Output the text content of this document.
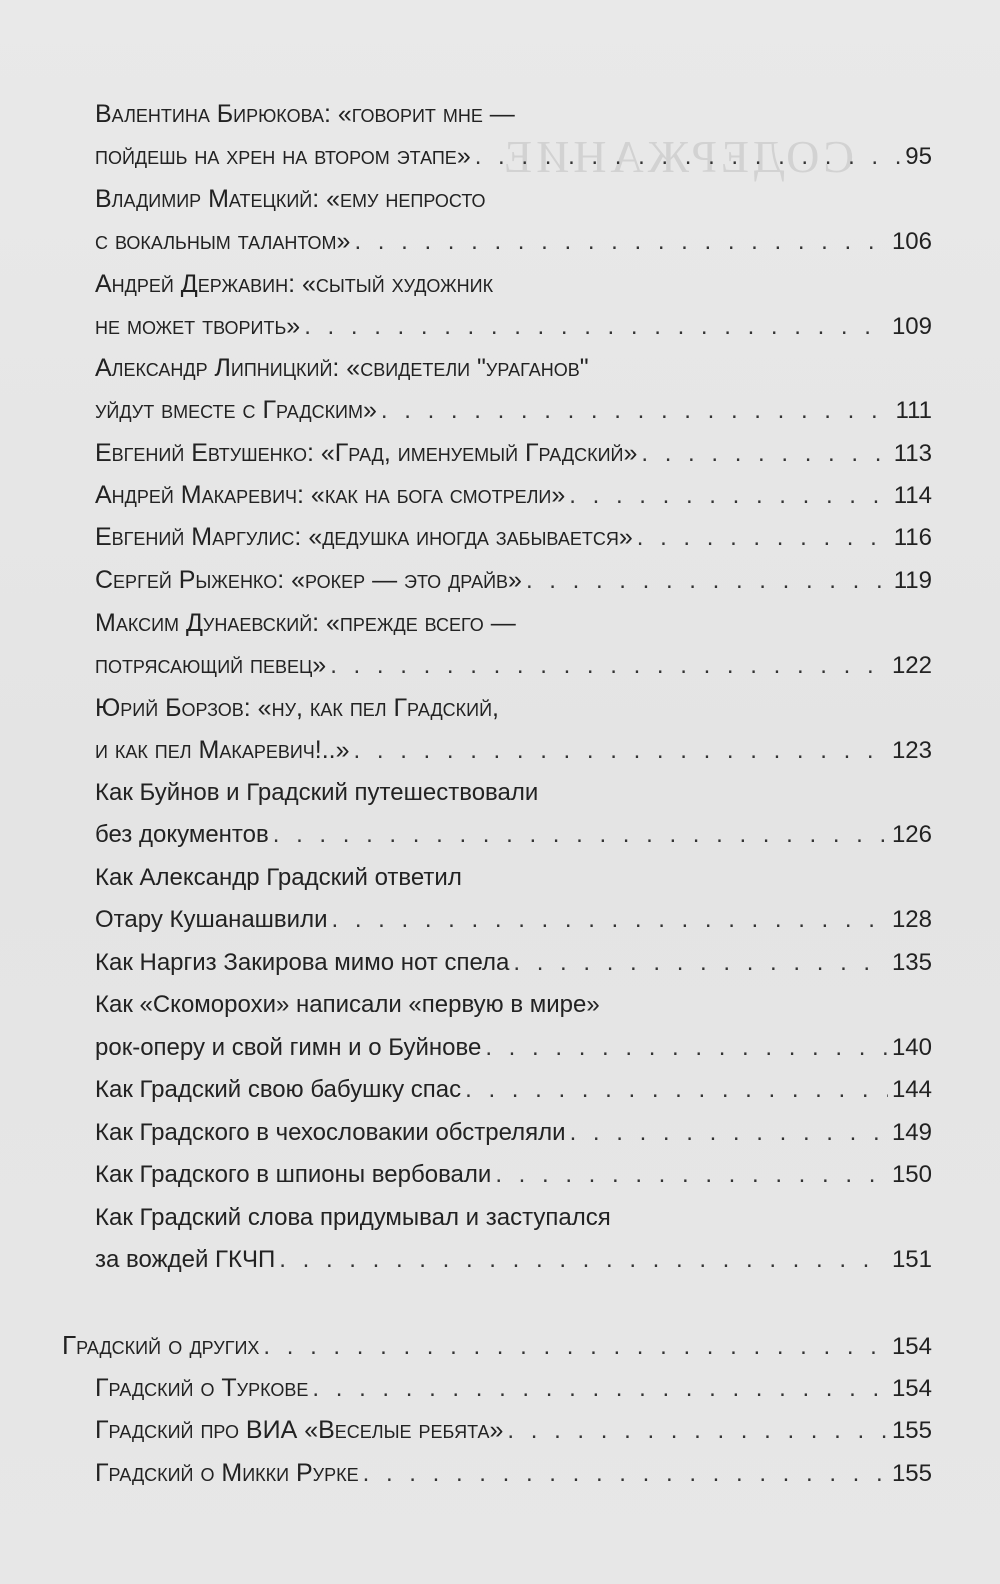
СОДЕРЖАНИЕ
Валентина Бирюкова: «говорит мне —
пойдешь на хрен на втором этапе» . . .	95
Владимир Матецкий: «ему непросто
с вокальным талантом» . . .	106
Андрей Державин: «сытый художник
не может творить» . . .	109
Александр Липницкий: «свидетели "ураганов"
уйдут вместе с Градским» . . .	111
Евгений Евтушенко: «Град, именуемый Градский» . . .	113
Андрей Макаревич: «как на бога смотрели» . . .	114
Евгений Маргулис: «дедушка иногда забывается» . . .	116
Сергей Рыженко: «рокер — это драйв» . . .	119
Максим Дунаевский: «прежде всего —
потрясающий певец» . . .	122
Юрий Борзов: «ну, как пел Градский,
и как пел Макаревич!..» . . .	123
Как Буйнов и Градский путешествовали
без документов . . .	126
Как Александр Градский ответил
Отару Кушанашвили . . .	128
Как Наргиз Закирова мимо нот спела . . .	135
Как «Скоморохи» написали «первую в мире»
рок-оперу и свой гимн и о Буйнове . . .	140
Как Градский свою бабушку спас . . .	144
Как Градского в чехословакии обстреляли . . .	149
Как Градского в шпионы вербовали . . .	150
Как Градский слова придумывал и заступался
за вождей ГКЧП . . .	151
Градский о других . . .	154
Градский о Туркове . . .	154
Градский про ВИА «Веселые ребята» . . .	155
Градский о Микки Рурке . . .	155
